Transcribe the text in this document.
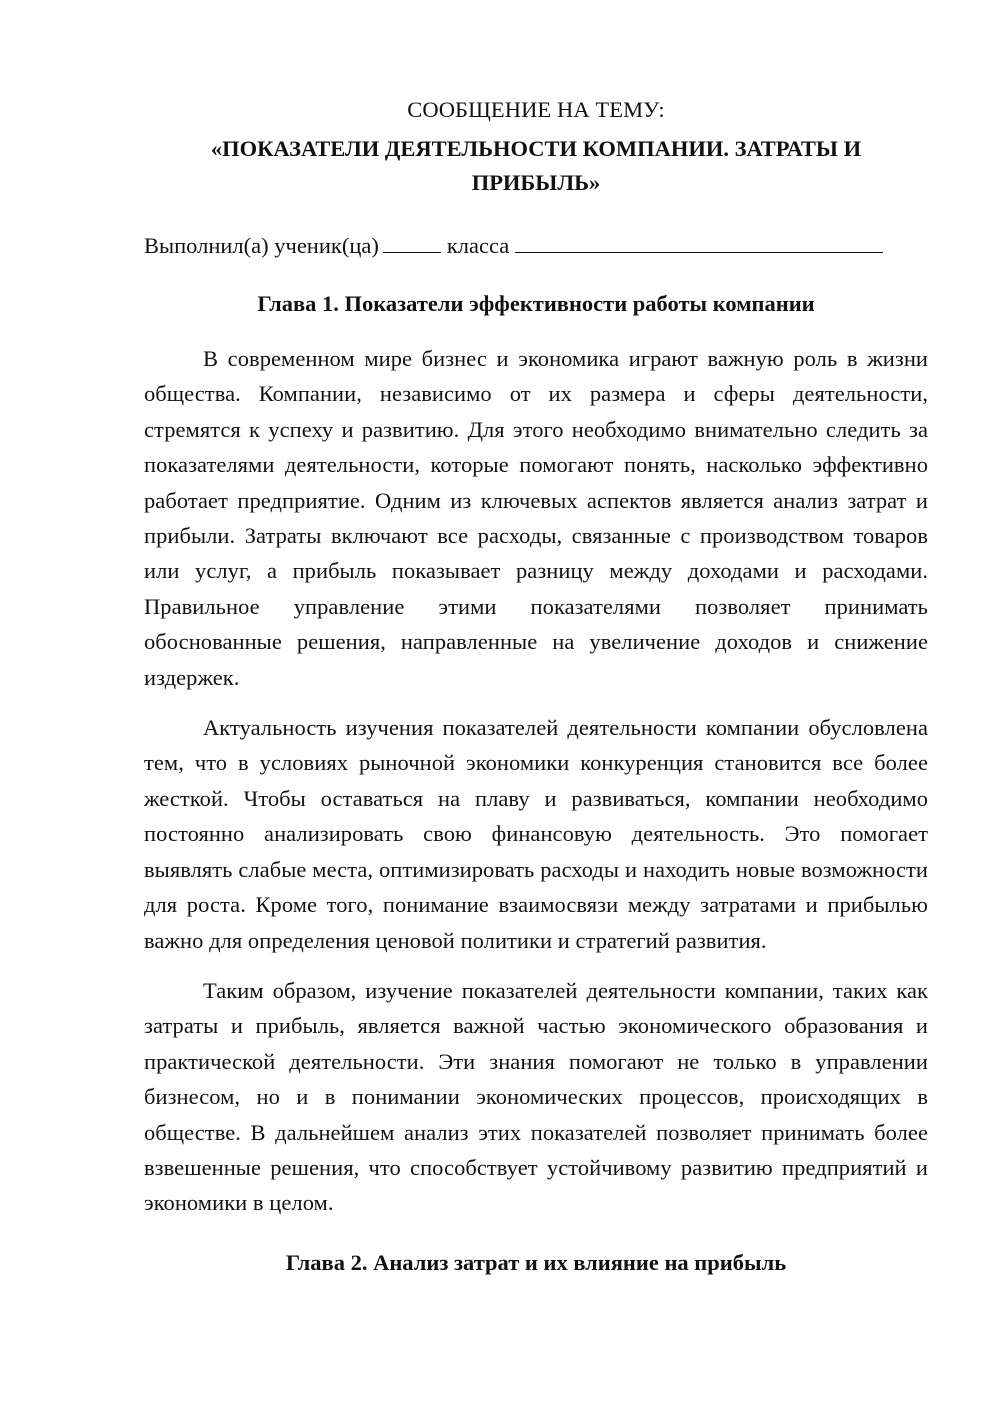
СООБЩЕНИЕ НА ТЕМУ:
«ПОКАЗАТЕЛИ ДЕЯТЕЛЬНОСТИ КОМПАНИИ. ЗАТРАТЫ И ПРИБЫЛЬ»
Выполнил(а) ученик(ца)	класса
Глава 1. Показатели эффективности работы компании

В современном мире бизнес и экономика играют важную роль в жизни общества. Компании, независимо от их размера и сферы деятельности, стремятся к успеху и развитию. Для этого необходимо внимательно следить за показателями деятельности, которые помогают понять, насколько эффективно работает предприятие. Одним из ключевых аспектов является анализ затрат и прибыли. Затраты включают все расходы, связанные с производством товаров или услуг, а прибыль показывает разницу между доходами и расходами. Правильное управление этими показателями позволяет принимать обоснованные решения, направленные на увеличение доходов и снижение издержек.

Актуальность изучения показателей деятельности компании обусловлена тем, что в условиях рыночной экономики конкуренция становится все более жесткой. Чтобы оставаться на плаву и развиваться, компании необходимо постоянно анализировать свою финансовую деятельность. Это помогает выявлять слабые места, оптимизировать расходы и находить новые возможности для роста. Кроме того, понимание взаимосвязи между затратами и прибылью важно для определения ценовой политики и стратегий развития.

Таким образом, изучение показателей деятельности компании, таких как затраты и прибыль, является важной частью экономического образования и практической деятельности. Эти знания помогают не только в управлении бизнесом, но и в понимании экономических процессов, происходящих в обществе. В дальнейшем анализ этих показателей позволяет принимать более взвешенные решения, что способствует устойчивому развитию предприятий и экономики в целом.

Глава 2. Анализ затрат и их влияние на прибыль
